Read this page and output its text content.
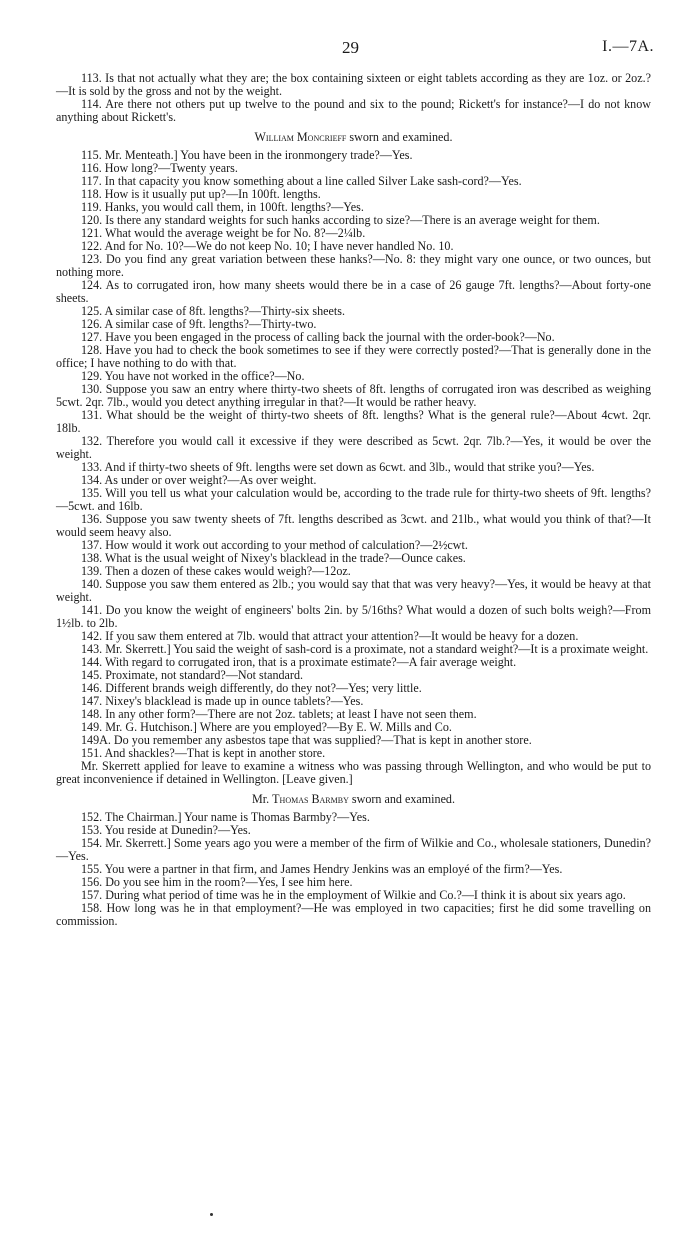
29	I.—7A.

113. Is that not actually what they are; the box containing sixteen or eight tablets according as they are 1oz. or 2oz.?—It is sold by the gross and not by the weight.

114. Are there not others put up twelve to the pound and six to the pound; Rickett's for instance?—I do not know anything about Rickett's.

William Moncrieff sworn and examined.

115. Mr. Menteath.] You have been in the ironmongery trade?—Yes.

116. How long?—Twenty years.

117. In that capacity you know something about a line called Silver Lake sash-cord?—Yes.

118. How is it usually put up?—In 100ft. lengths.

119. Hanks, you would call them, in 100ft. lengths?—Yes.

120. Is there any standard weights for such hanks according to size?—There is an average weight for them.

121. What would the average weight be for No. 8?—2¼lb.

122. And for No. 10?—We do not keep No. 10; I have never handled No. 10.

123. Do you find any great variation between these hanks?—No. 8: they might vary one ounce, or two ounces, but nothing more.

124. As to corrugated iron, how many sheets would there be in a case of 26 gauge 7ft. lengths?—About forty-one sheets.

125. A similar case of 8ft. lengths?—Thirty-six sheets.

126. A similar case of 9ft. lengths?—Thirty-two.

127. Have you been engaged in the process of calling back the journal with the order-book?—No.

128. Have you had to check the book sometimes to see if they were correctly posted?—That is generally done in the office; I have nothing to do with that.

129. You have not worked in the office?—No.

130. Suppose you saw an entry where thirty-two sheets of 8ft. lengths of corrugated iron was described as weighing 5cwt. 2qr. 7lb., would you detect anything irregular in that?—It would be rather heavy.

131. What should be the weight of thirty-two sheets of 8ft. lengths? What is the general rule?—About 4cwt. 2qr. 18lb.

132. Therefore you would call it excessive if they were described as 5cwt. 2qr. 7lb.?—Yes, it would be over the weight.

133. And if thirty-two sheets of 9ft. lengths were set down as 6cwt. and 3lb., would that strike you?—Yes.

134. As under or over weight?—As over weight.

135. Will you tell us what your calculation would be, according to the trade rule for thirty-two sheets of 9ft. lengths?—5cwt. and 16lb.

136. Suppose you saw twenty sheets of 7ft. lengths described as 3cwt. and 21lb., what would you think of that?—It would seem heavy also.

137. How would it work out according to your method of calculation?—2½cwt.

138. What is the usual weight of Nixey's blacklead in the trade?—Ounce cakes.

139. Then a dozen of these cakes would weigh?—12oz.

140. Suppose you saw them entered as 2lb.; you would say that that was very heavy?—Yes, it would be heavy at that weight.

141. Do you know the weight of engineers' bolts 2in. by 5/16ths? What would a dozen of such bolts weigh?—From 1½lb. to 2lb.

142. If you saw them entered at 7lb. would that attract your attention?—It would be heavy for a dozen.

143. Mr. Skerrett.] You said the weight of sash-cord is a proximate, not a standard weight?—It is a proximate weight.

144. With regard to corrugated iron, that is a proximate estimate?—A fair average weight.

145. Proximate, not standard?—Not standard.

146. Different brands weigh differently, do they not?—Yes; very little.

147. Nixey's blacklead is made up in ounce tablets?—Yes.

148. In any other form?—There are not 2oz. tablets; at least I have not seen them.

149. Mr. G. Hutchison.] Where are you employed?—By E. W. Mills and Co.

149A. Do you remember any asbestos tape that was supplied?—That is kept in another store.

151. And shackles?—That is kept in another store.

Mr. Skerrett applied for leave to examine a witness who was passing through Wellington, and who would be put to great inconvenience if detained in Wellington. [Leave given.]

Mr. Thomas Barmby sworn and examined.

152. The Chairman.] Your name is Thomas Barmby?—Yes.

153. You reside at Dunedin?—Yes.

154. Mr. Skerrett.] Some years ago you were a member of the firm of Wilkie and Co., wholesale stationers, Dunedin?—Yes.

155. You were a partner in that firm, and James Hendry Jenkins was an employé of the firm?—Yes.

156. Do you see him in the room?—Yes, I see him here.

157. During what period of time was he in the employment of Wilkie and Co.?—I think it is about six years ago.

158. How long was he in that employment?—He was employed in two capacities; first he did some travelling on commission.
